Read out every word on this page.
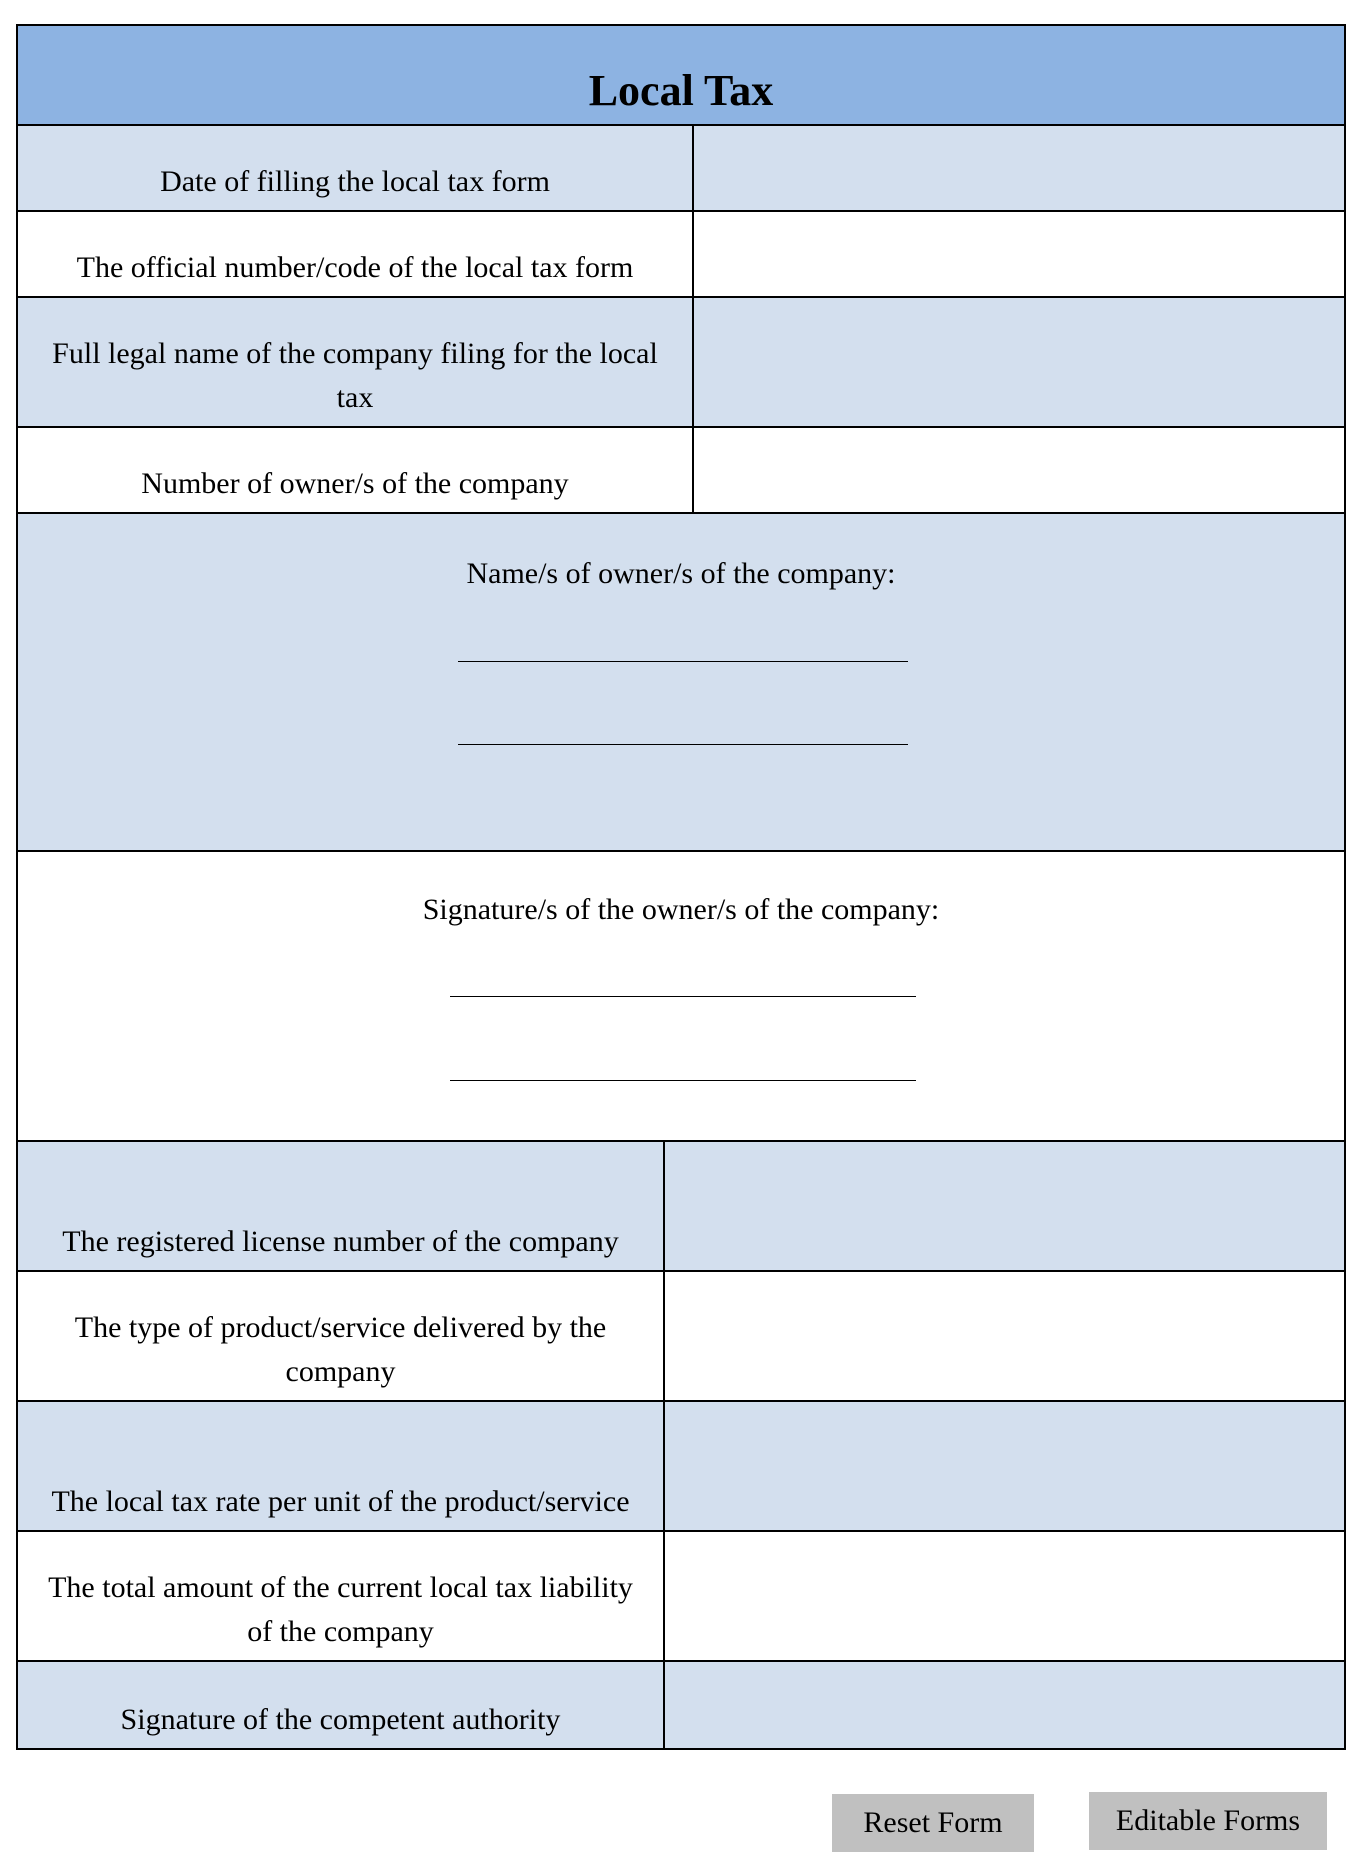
Local Tax
Date of filling the local tax form
The official number/code of the local tax form
Full legal name of the company filing for the local tax
Number of owner/s of the company
Name/s of owner/s of the company:
Signature/s of the owner/s of the company:
The registered license number of the company
The type of product/service delivered by the company
The local tax rate per unit of the product/service
The total amount of the current local tax liability of the company
Signature of the competent authority
Reset Form	Editable Forms
